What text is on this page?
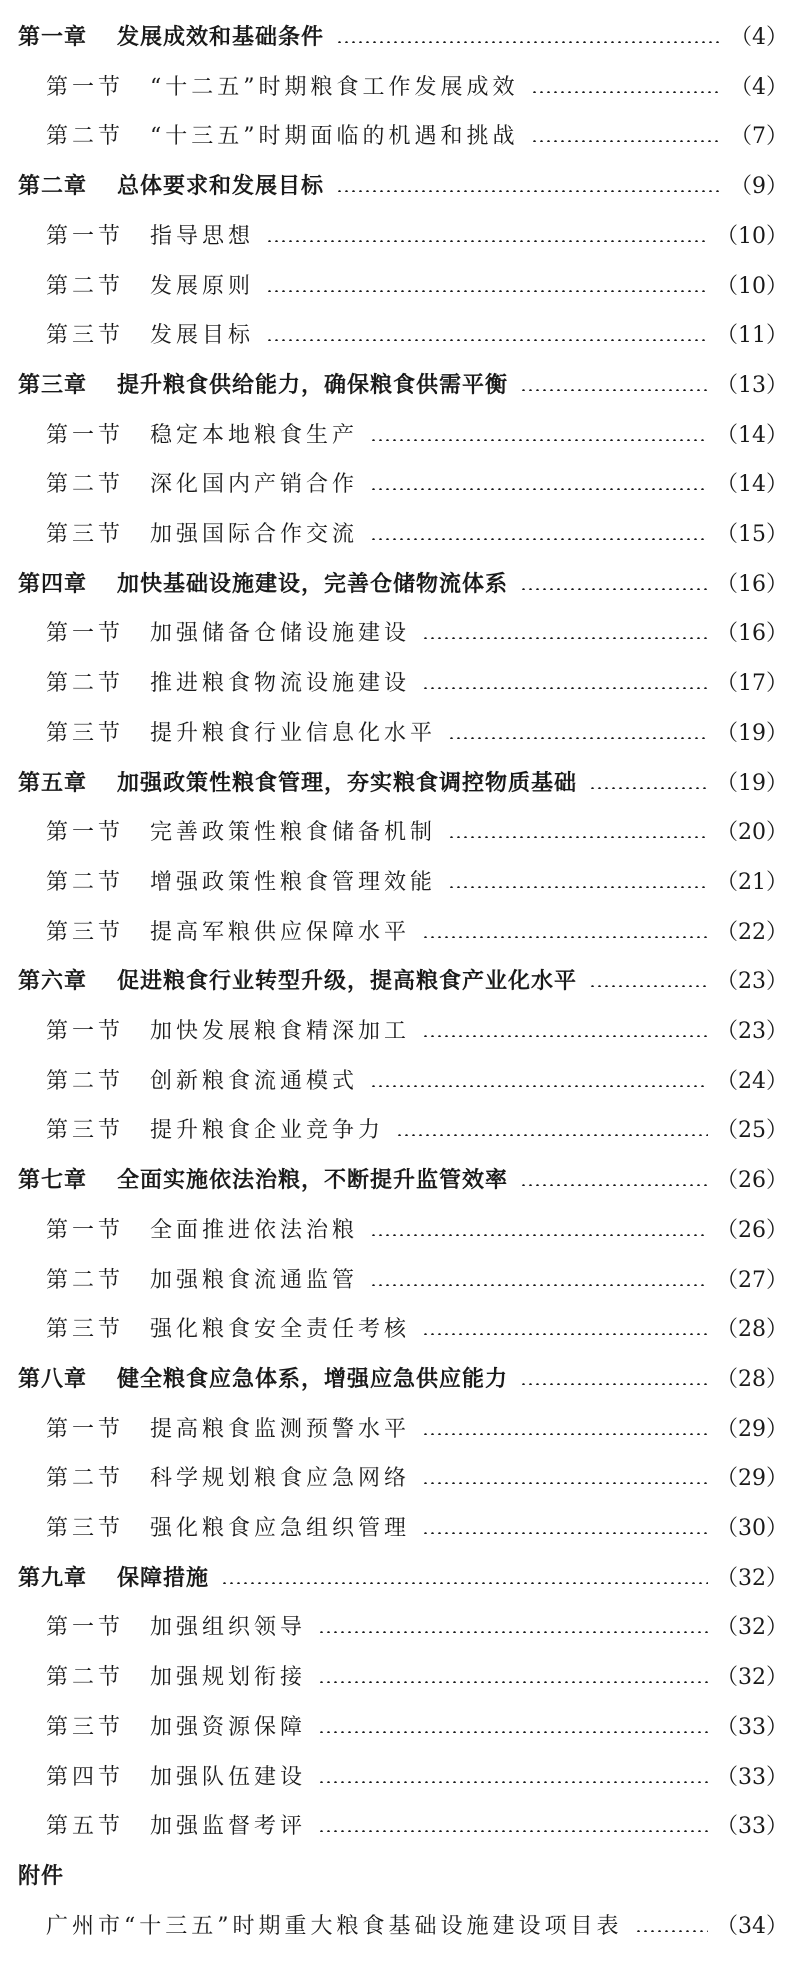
第一章 发展成效和基础条件	（4）
第一节 “十二五”时期粮食工作发展成效	（4）
第二节 “十三五”时期面临的机遇和挑战	（7）
第二章 总体要求和发展目标	（9）
第一节 指导思想	（10）
第二节 发展原则	（10）
第三节 发展目标	（11）
第三章 提升粮食供给能力，确保粮食供需平衡	（13）
第一节 稳定本地粮食生产	（14）
第二节 深化国内产销合作	（14）
第三节 加强国际合作交流	（15）
第四章 加快基础设施建设，完善仓储物流体系	（16）
第一节 加强储备仓储设施建设	（16）
第二节 推进粮食物流设施建设	（17）
第三节 提升粮食行业信息化水平	（19）
第五章 加强政策性粮食管理，夯实粮食调控物质基础	（19）
第一节 完善政策性粮食储备机制	（20）
第二节 增强政策性粮食管理效能	（21）
第三节 提高军粮供应保障水平	（22）
第六章 促进粮食行业转型升级，提高粮食产业化水平	（23）
第一节 加快发展粮食精深加工	（23）
第二节 创新粮食流通模式	（24）
第三节 提升粮食企业竞争力	（25）
第七章 全面实施依法治粮，不断提升监管效率	（26）
第一节 全面推进依法治粮	（26）
第二节 加强粮食流通监管	（27）
第三节 强化粮食安全责任考核	（28）
第八章 健全粮食应急体系，增强应急供应能力	（28）
第一节 提高粮食监测预警水平	（29）
第二节 科学规划粮食应急网络	（29）
第三节 强化粮食应急组织管理	（30）
第九章 保障措施	（32）
第一节 加强组织领导	（32）
第二节 加强规划衔接	（32）
第三节 加强资源保障	（33）
第四节 加强队伍建设	（33）
第五节 加强监督考评	（33）
附件
广州市“十三五”时期重大粮食基础设施建设项目表	（34）
